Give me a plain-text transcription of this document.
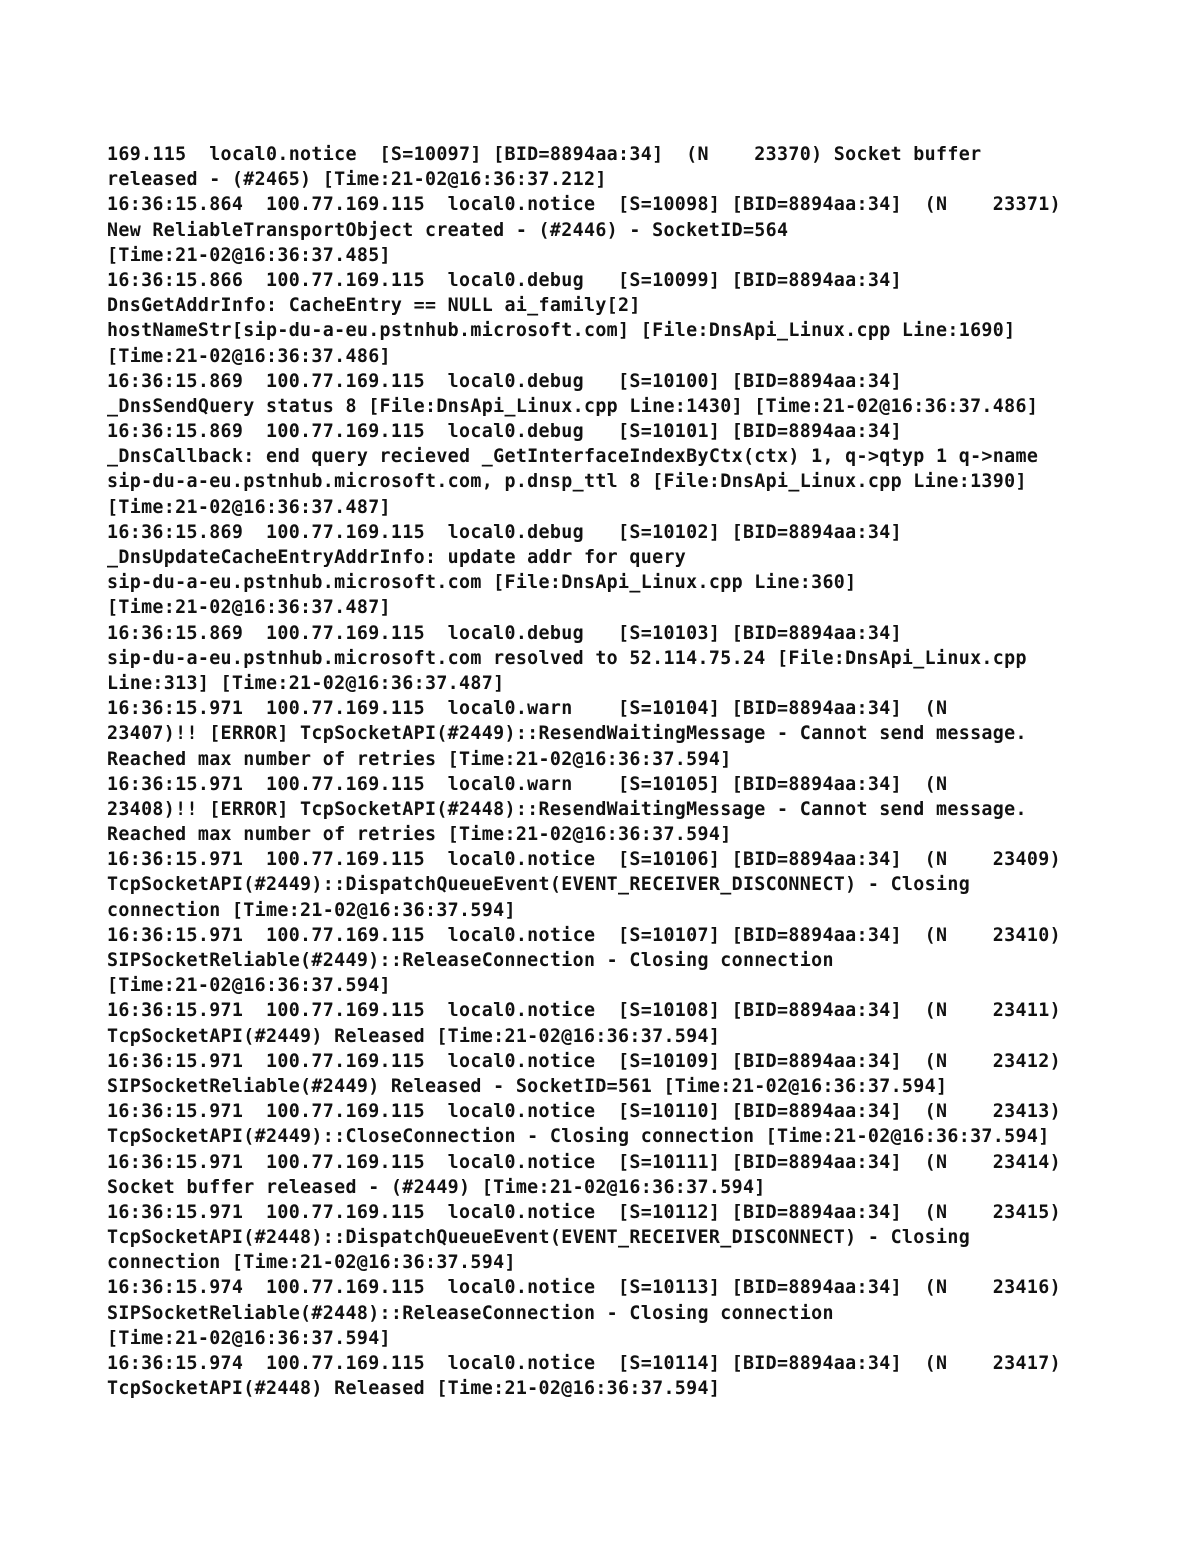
169.115  local0.notice  [S=10097] [BID=8894aa:34]  (N    23370) Socket buffer
released - (#2465) [Time:21-02@16:36:37.212]
16:36:15.864  100.77.169.115  local0.notice  [S=10098] [BID=8894aa:34]  (N    23371)
New ReliableTransportObject created - (#2446) - SocketID=564
[Time:21-02@16:36:37.485]
16:36:15.866  100.77.169.115  local0.debug   [S=10099] [BID=8894aa:34]
DnsGetAddrInfo: CacheEntry == NULL ai_family[2]
hostNameStr[sip-du-a-eu.pstnhub.microsoft.com] [File:DnsApi_Linux.cpp Line:1690]
[Time:21-02@16:36:37.486]
16:36:15.869  100.77.169.115  local0.debug   [S=10100] [BID=8894aa:34]
_DnsSendQuery status 8 [File:DnsApi_Linux.cpp Line:1430] [Time:21-02@16:36:37.486]
16:36:15.869  100.77.169.115  local0.debug   [S=10101] [BID=8894aa:34]
_DnsCallback: end query recieved _GetInterfaceIndexByCtx(ctx) 1, q->qtyp 1 q->name
sip-du-a-eu.pstnhub.microsoft.com, p.dnsp_ttl 8 [File:DnsApi_Linux.cpp Line:1390]
[Time:21-02@16:36:37.487]
16:36:15.869  100.77.169.115  local0.debug   [S=10102] [BID=8894aa:34]
_DnsUpdateCacheEntryAddrInfo: update addr for query
sip-du-a-eu.pstnhub.microsoft.com [File:DnsApi_Linux.cpp Line:360]
[Time:21-02@16:36:37.487]
16:36:15.869  100.77.169.115  local0.debug   [S=10103] [BID=8894aa:34]
sip-du-a-eu.pstnhub.microsoft.com resolved to 52.114.75.24 [File:DnsApi_Linux.cpp
Line:313] [Time:21-02@16:36:37.487]
16:36:15.971  100.77.169.115  local0.warn    [S=10104] [BID=8894aa:34]  (N
23407)!! [ERROR] TcpSocketAPI(#2449)::ResendWaitingMessage - Cannot send message.
Reached max number of retries [Time:21-02@16:36:37.594]
16:36:15.971  100.77.169.115  local0.warn    [S=10105] [BID=8894aa:34]  (N
23408)!! [ERROR] TcpSocketAPI(#2448)::ResendWaitingMessage - Cannot send message.
Reached max number of retries [Time:21-02@16:36:37.594]
16:36:15.971  100.77.169.115  local0.notice  [S=10106] [BID=8894aa:34]  (N    23409)
TcpSocketAPI(#2449)::DispatchQueueEvent(EVENT_RECEIVER_DISCONNECT) - Closing
connection [Time:21-02@16:36:37.594]
16:36:15.971  100.77.169.115  local0.notice  [S=10107] [BID=8894aa:34]  (N    23410)
SIPSocketReliable(#2449)::ReleaseConnection - Closing connection
[Time:21-02@16:36:37.594]
16:36:15.971  100.77.169.115  local0.notice  [S=10108] [BID=8894aa:34]  (N    23411)
TcpSocketAPI(#2449) Released [Time:21-02@16:36:37.594]
16:36:15.971  100.77.169.115  local0.notice  [S=10109] [BID=8894aa:34]  (N    23412)
SIPSocketReliable(#2449) Released - SocketID=561 [Time:21-02@16:36:37.594]
16:36:15.971  100.77.169.115  local0.notice  [S=10110] [BID=8894aa:34]  (N    23413)
TcpSocketAPI(#2449)::CloseConnection - Closing connection [Time:21-02@16:36:37.594]
16:36:15.971  100.77.169.115  local0.notice  [S=10111] [BID=8894aa:34]  (N    23414)
Socket buffer released - (#2449) [Time:21-02@16:36:37.594]
16:36:15.971  100.77.169.115  local0.notice  [S=10112] [BID=8894aa:34]  (N    23415)
TcpSocketAPI(#2448)::DispatchQueueEvent(EVENT_RECEIVER_DISCONNECT) - Closing
connection [Time:21-02@16:36:37.594]
16:36:15.974  100.77.169.115  local0.notice  [S=10113] [BID=8894aa:34]  (N    23416)
SIPSocketReliable(#2448)::ReleaseConnection - Closing connection
[Time:21-02@16:36:37.594]
16:36:15.974  100.77.169.115  local0.notice  [S=10114] [BID=8894aa:34]  (N    23417)
TcpSocketAPI(#2448) Released [Time:21-02@16:36:37.594]
